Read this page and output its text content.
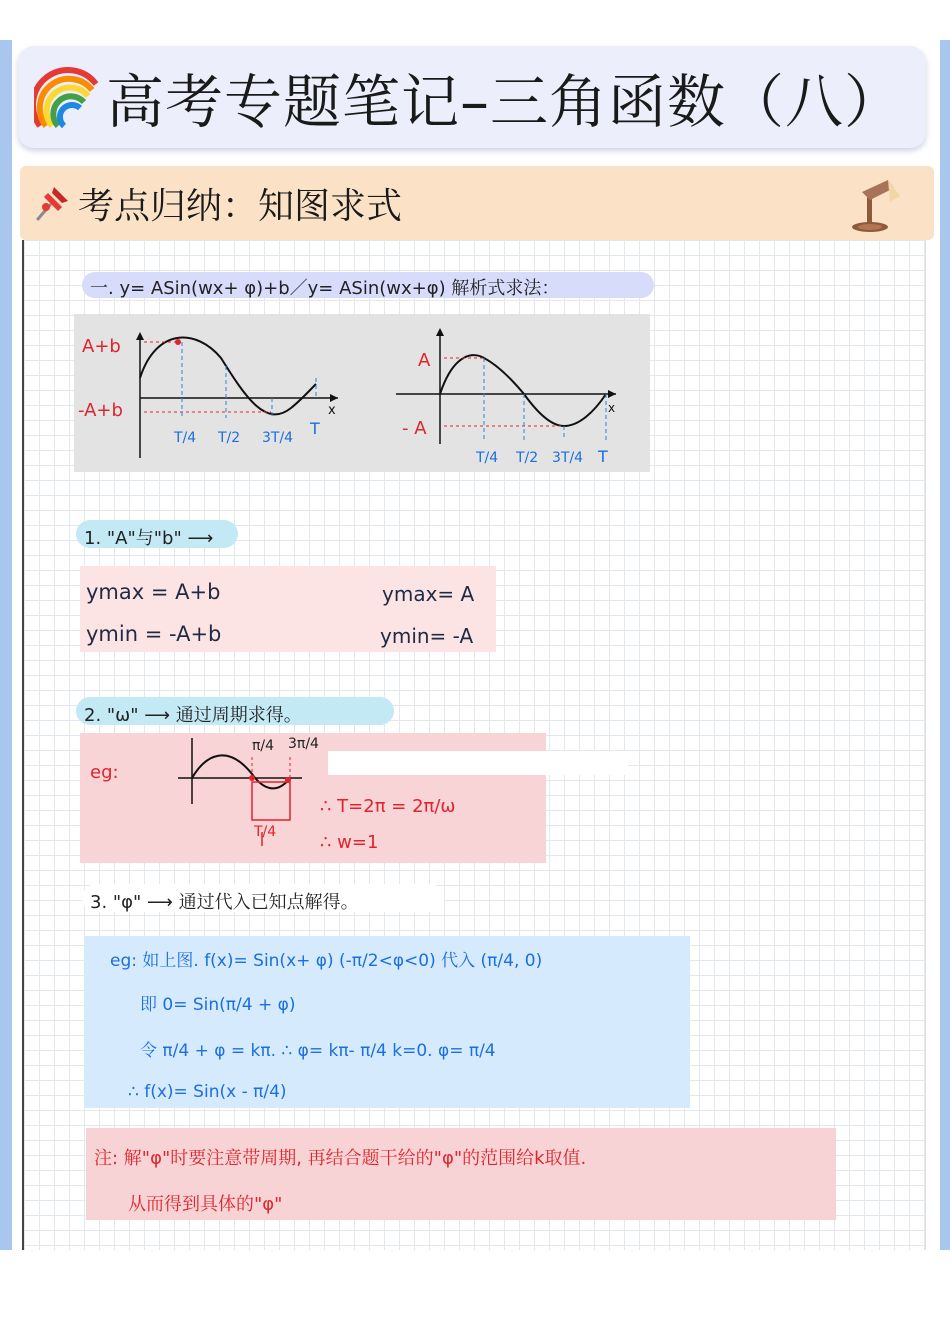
高考专题笔记–三角函数（八）
考点归纳：知图求式
一. y= ASin(wx+ φ)+b／y= ASin(wx+φ) 解析式求法：
A+b
-A+b	x
T/4 T/2 3T/4 T
A
- A
x
T/4 T/2 3T/4 T
1. "A"与"b" ⟶
ymax = A+b
ymin = -A+b
ymax= A
ymin= -A
2. "ω" ⟶ 通过周期求得。
eg:
π/4 3π/4
T/4
∴ T=2π = 2π/ω
∴ w=1
3. "φ" ⟶ 通过代入已知点解得。
eg: 如上图. f(x)= Sin(x+ φ) (-π/2<φ<0) 代入 (π/4, 0)
即 0= Sin(π/4 + φ)
令 π/4 + φ = kπ. ∴ φ= kπ- π/4 k=0. φ= π/4
∴ f(x)= Sin(x - π/4)
注: 解"φ"时要注意带周期, 再结合题干给的"φ"的范围给k取值.
从而得到具体的"φ"
